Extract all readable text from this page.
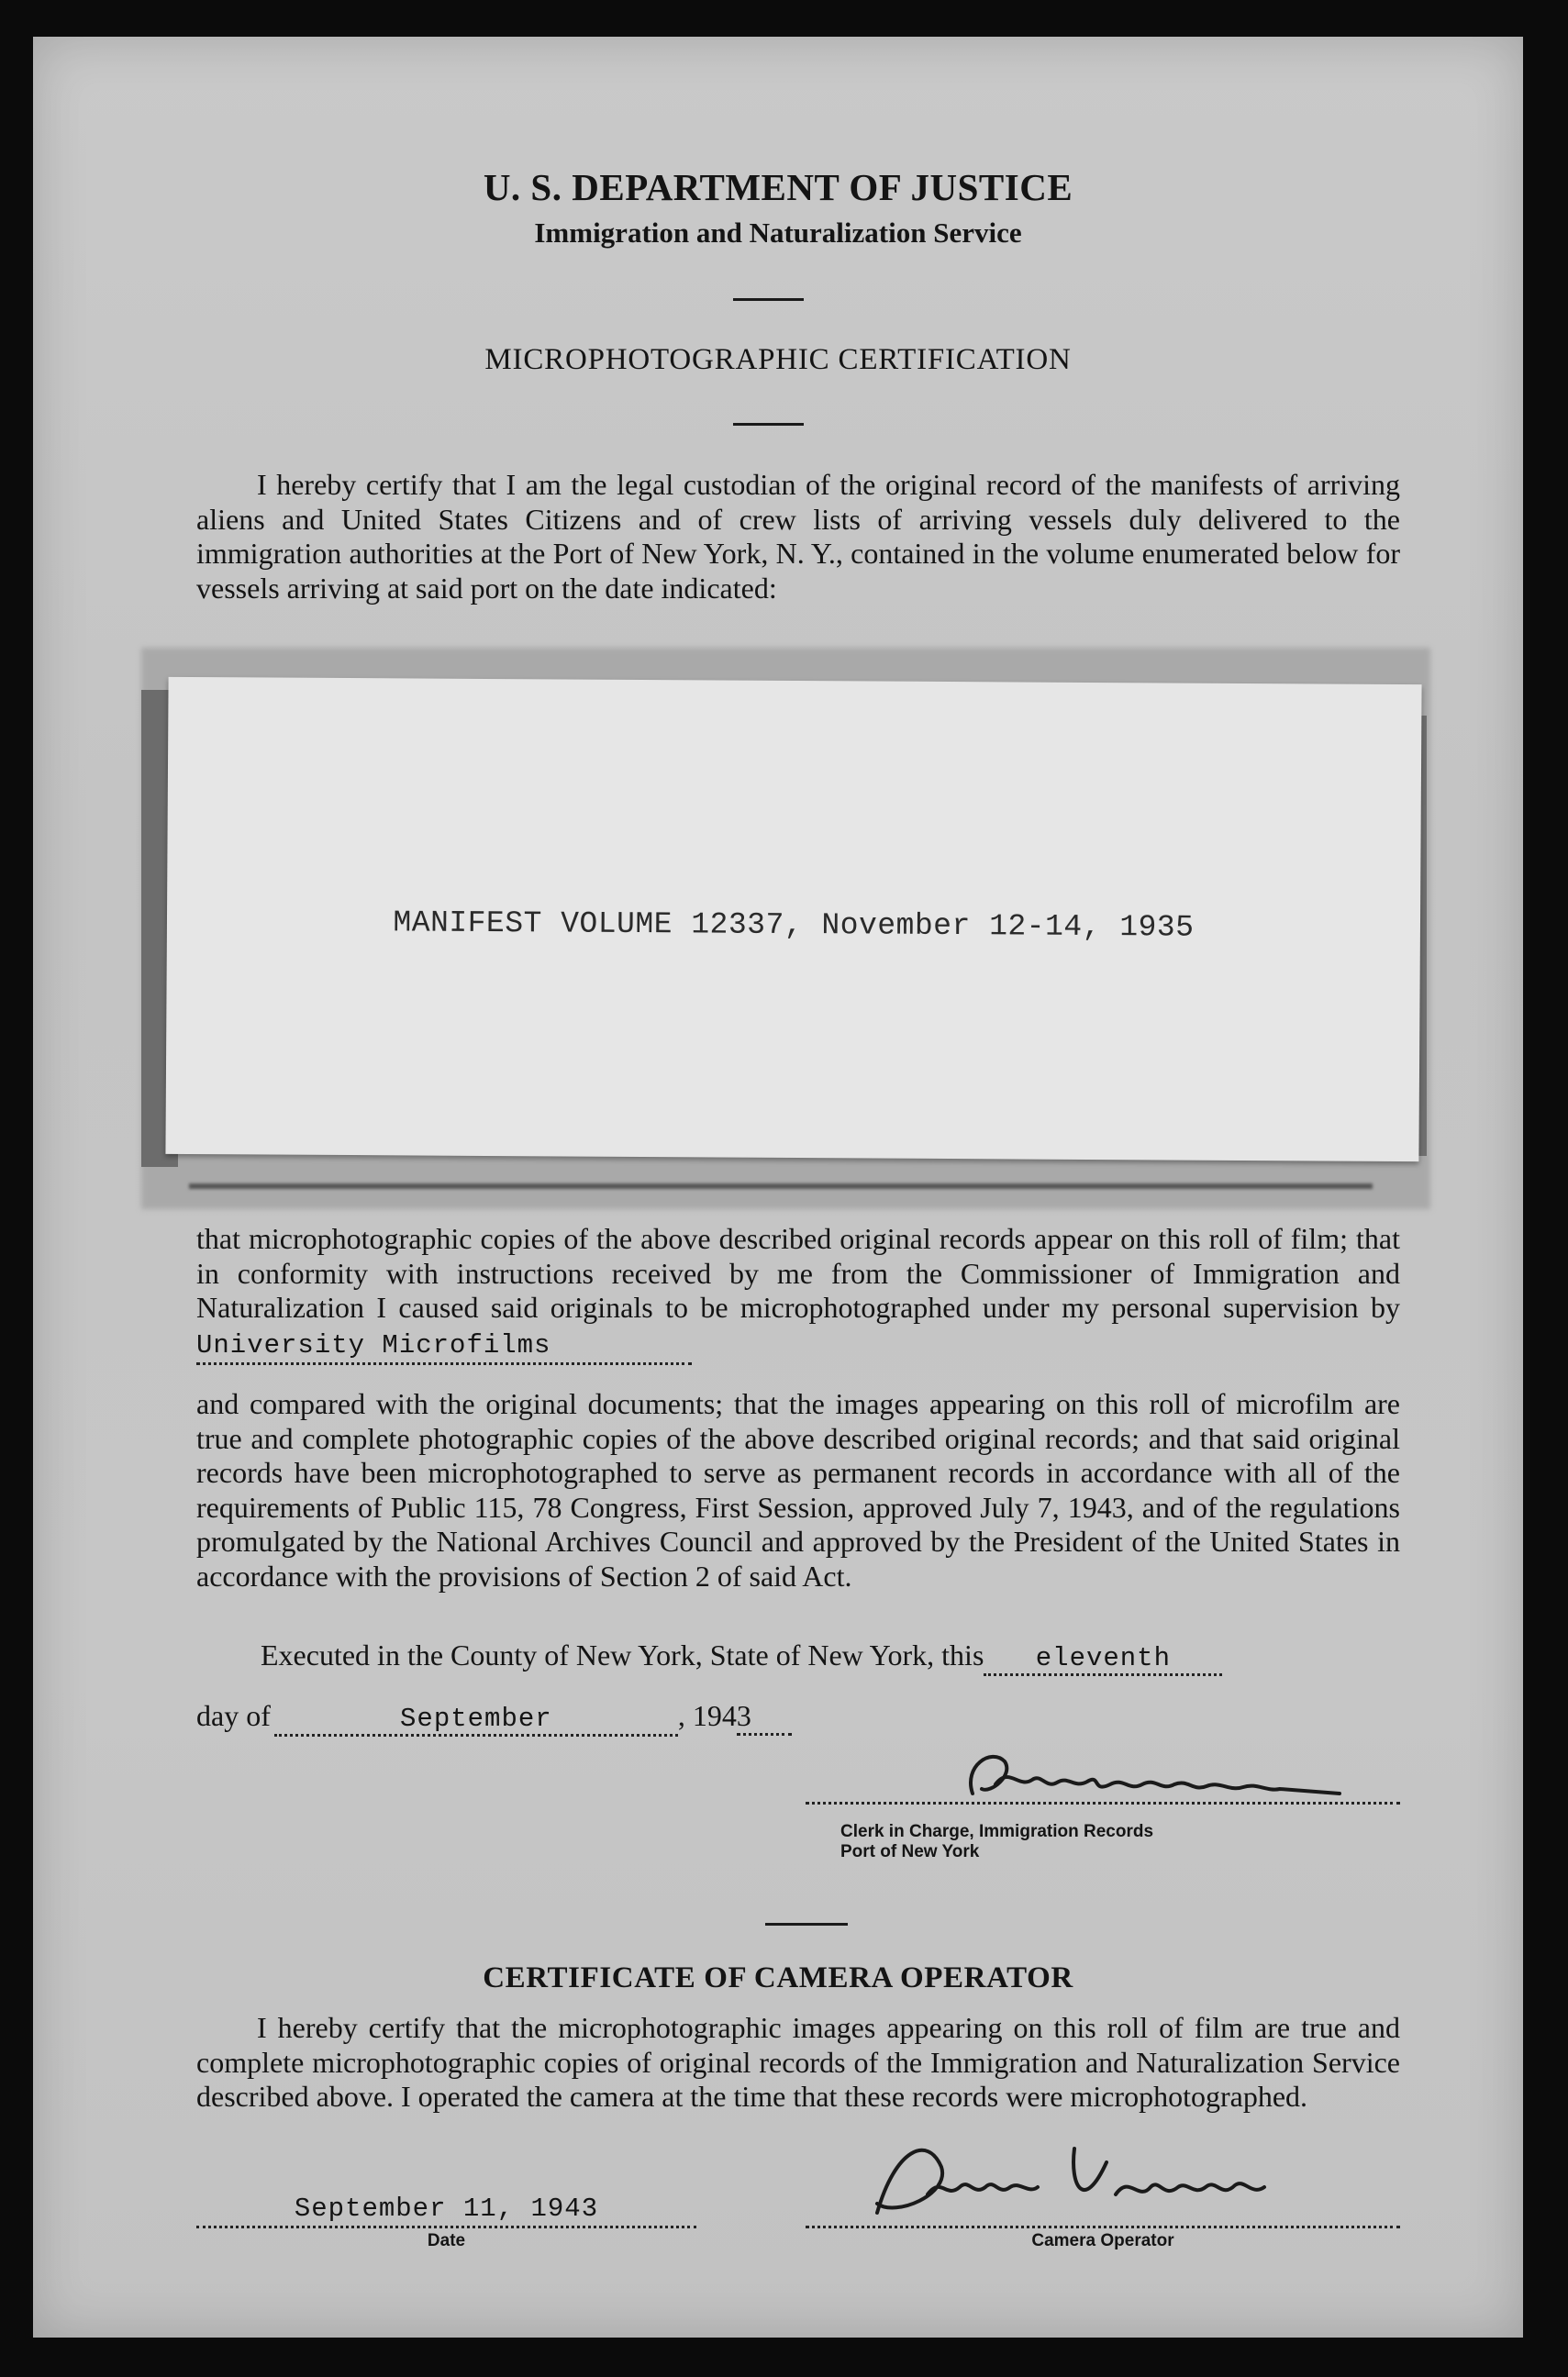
U. S. DEPARTMENT OF JUSTICE
Immigration and Naturalization Service
MICROPHOTOGRAPHIC CERTIFICATION
I hereby certify that I am the legal custodian of the original record of the manifests of arriving aliens and United States Citizens and of crew lists of arriving vessels duly delivered to the immigration authorities at the Port of New York, N. Y., contained in the volume enumerated below for vessels arriving at said port on the date indicated:
MANIFEST VOLUME 12337, November 12-14, 1935
that microphotographic copies of the above described original records appear on this roll of film; that in conformity with instructions received by me from the Commissioner of Immigration and Naturalization I caused said originals to be microphotographed under my personal supervision by University Microfilms
and compared with the original documents; that the images appearing on this roll of microfilm are true and complete photographic copies of the above described original records; and that said original records have been microphotographed to serve as permanent records in accordance with all of the requirements of Public 115, 78 Congress, First Session, approved July 7, 1943, and of the regulations promulgated by the National Archives Council and approved by the President of the United States in accordance with the provisions of Section 2 of said Act.
Executed in the County of New York, State of New York, this eleventh
day of	September	, 1943
Clerk in Charge, Immigration Records
Port of New York
CERTIFICATE OF CAMERA OPERATOR
I hereby certify that the microphotographic images appearing on this roll of film are true and complete microphotographic copies of original records of the Immigration and Naturalization Service described above. I operated the camera at the time that these records were microphotographed.
September 11, 1943
Date	Camera Operator
